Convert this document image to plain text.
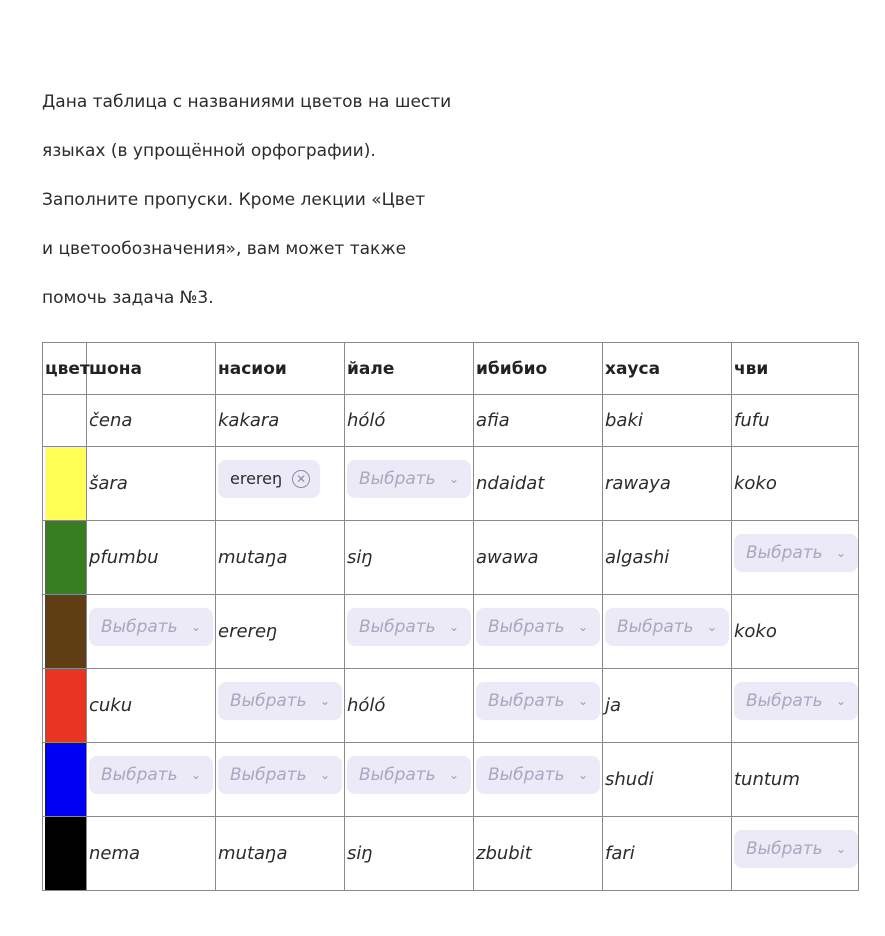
Дана таблица с названиями цветов на шести

языках (в упрощённой орфографии).

Заполните пропуски. Кроме лекции «Цвет

и цветообозначения», вам может также

помочь задача №3.

цвет	шона	насиои	йале	ибибио	хауса	чви

	čena	kakara	hóló	afia	baki	fufu

	šara	erereŋ ✕	Выбрать ⌄	ndaidat	rawaya	koko

	pfumbu	mutaŋa	siŋ	awawa	algashi	Выбрать ⌄

	Выбрать ⌄	erereŋ	Выбрать ⌄	Выбрать ⌄	Выбрать ⌄	koko

	cuku	Выбрать ⌄	hóló	Выбрать ⌄	ja	Выбрать ⌄

	Выбрать ⌄	Выбрать ⌄	Выбрать ⌄	Выбрать ⌄	shudi	tuntum

	nema	mutaŋa	siŋ	zbubit	fari	Выбрать ⌄
